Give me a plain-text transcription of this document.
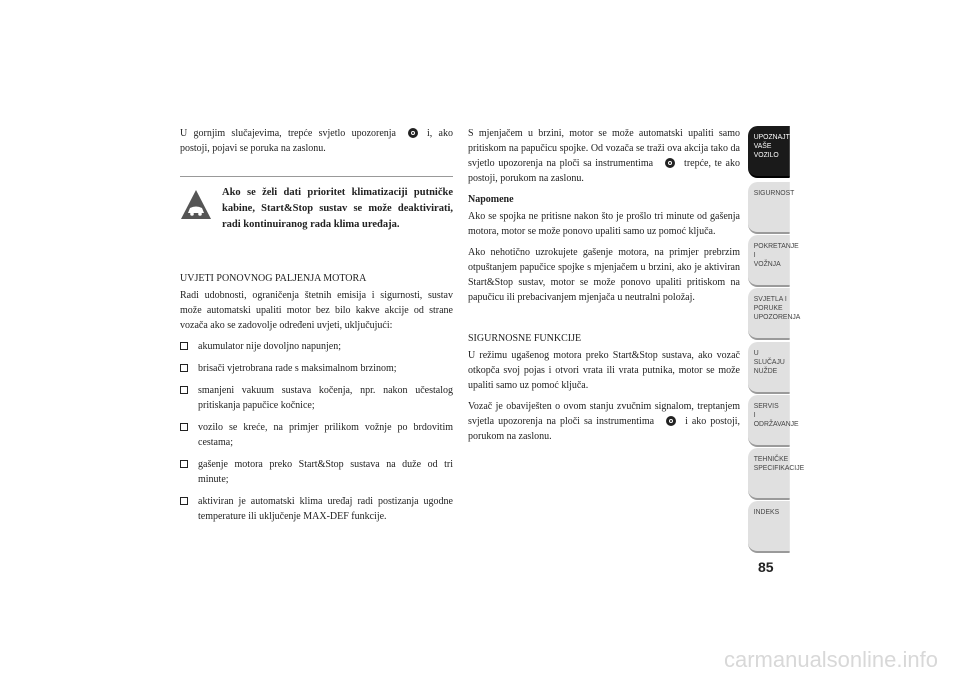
U gornjim slučajevima, trepće svjetlo upozorenja	i, ako postoji, pojavi se poruka na zaslonu.

Ako se želi dati prioritet klimatizaciji putničke kabine, Start&Stop sustav se može deaktivirati, radi kontinuiranog rada klima uređaja.

UVJETI PONOVNOG PALJENJA MOTORA

Radi udobnosti, ograničenja štetnih emisija i sigurnosti, sustav može automatski upaliti motor bez bilo kakve akcije od strane vozača ako se zadovolje određeni uvjeti, uključujući:

akumulator nije dovoljno napunjen;
brisači vjetrobrana rade s maksimalnom brzinom;
smanjeni vakuum sustava kočenja, npr. nakon učestalog pritiskanja papučice kočnice;
vozilo se kreće, na primjer prilikom vožnje po brdovitim cestama;
gašenje motora preko Start&Stop sustava na duže od tri minute;
aktiviran je automatski klima uređaj radi postizanja ugodne temperature ili uključenje MAX-DEF funkcije.

S mjenjačem u brzini, motor se može automatski upaliti samo pritiskom na papučicu spojke. Od vozača se traži ova akcija tako da svjetlo upozorenja na ploči sa instrumentima	trepće, te ako postoji, porukom na zaslonu.

Napomene

Ako se spojka ne pritisne nakon što je prošlo tri minute od gašenja motora, motor se može ponovo upaliti samo uz pomoć ključa.

Ako nehotično uzrokujete gašenje motora, na primjer prebrzim otpuštanjem papučice spojke s mjenjačem u brzini, ako je aktiviran Start&Stop sustav, motor se može ponovo upaliti pritiskom na papučicu ili prebacivanjem mjenjača u neutralni položaj.

SIGURNOSNE FUNKCIJE

U režimu ugašenog motora preko Start&Stop sustava, ako vozač otkopča svoj pojas i otvori vrata ili vrata putnika, motor se može upaliti samo uz pomoć ključa.

Vozač je obaviješten o ovom stanju zvučnim signalom, treptanjem svjetla upozorenja na ploči sa instrumentima	i ako postoji, porukom na zaslonu.

UPOZNAJTE
VAŠE
VOZILO
SIGURNOST
POKRETANJE
I
VOŽNJA
SVJETLA I
PORUKE
UPOZORENJA
U SLUČAJU
NUŽDE
SERVIS
I
ODRŽAVANJE
TEHNIČKE
SPECIFIKACIJE
INDEKS
85
carmanualsonline.info
